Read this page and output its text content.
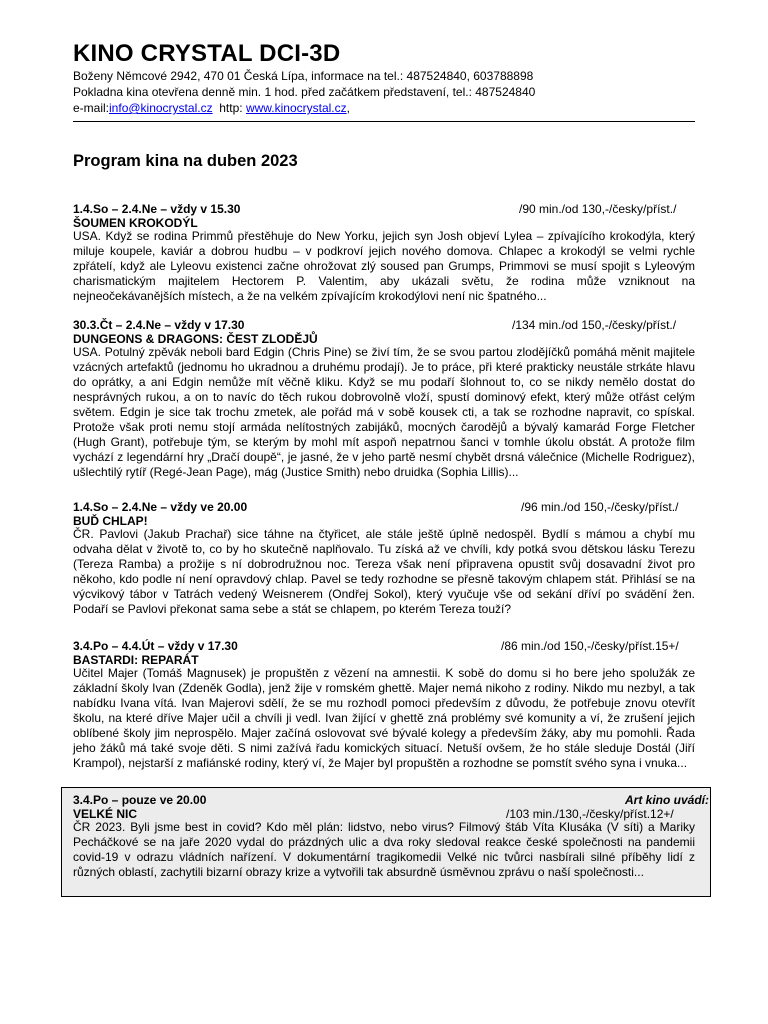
KINO CRYSTAL DCI-3D
Boženy Němcové 2942, 470 01 Česká Lípa, informace na tel.: 487524840, 603788898
Pokladna kina otevřena denně min. 1 hod. před začátkem představení, tel.: 487524840
e-mail:info@kinocrystal.cz http: www.kinocrystal.cz,
Program kina na duben 2023
1.4.So – 2.4.Ne – vždy v 15.30	/90 min./od 130,-/česky/příst./
ŠOUMEN KROKODÝL

USA. Když se rodina Primmů přestěhuje do New Yorku, jejich syn Josh objeví Lylea – zpívajícího krokodýla, který miluje koupele, kaviár a dobrou hudbu – v podkroví jejich nového domova. Chlapec a krokodýl se velmi rychle zpřátelí, když ale Lyleovu existenci začne ohrožovat zlý soused pan Grumps, Primmovi se musí spojit s Lyleovým charismatickým majitelem Hectorem P. Valentim, aby ukázali světu, že rodina může vzniknout na nejneočekávanějších místech, a že na velkém zpívajícím krokodýlovi není nic špatného...

30.3.Čt – 2.4.Ne – vždy v 17.30	/134 min./od 150,-/česky/příst./
DUNGEONS & DRAGONS: ČEST ZLODĚJŮ

USA. Potulný zpěvák neboli bard Edgin (Chris Pine) se živí tím, že se svou partou zlodějíčků pomáhá měnit majitele vzácných artefaktů (jednomu ho ukradnou a druhému prodají). Je to práce, při které prakticky neustále strkáte hlavu do oprátky, a ani Edgin nemůže mít věčně kliku. Když se mu podaří šlohnout to, co se nikdy nemělo dostat do nesprávných rukou, a on to navíc do těch rukou dobrovolně vloží, spustí dominový efekt, který může otřást celým světem. Edgin je sice tak trochu zmetek, ale pořád má v sobě kousek cti, a tak se rozhodne napravit, co spískal. Protože však proti nemu stojí armáda nelítostných zabijáků, mocných čarodějů a bývalý kamarád Forge Fletcher (Hugh Grant), potřebuje tým, se kterým by mohl mít aspoň nepatrnou šanci v tomhle úkolu obstát. A protože film vychází z legendární hry „Dračí doupě“, je jasné, že v jeho partě nesmí chybět drsná válečnice (Michelle Rodriguez), ušlechtilý rytíř (Regé-Jean Page), mág (Justice Smith) nebo druidka (Sophia Lillis)...

1.4.So – 2.4.Ne – vždy ve 20.00	/96 min./od 150,-/česky/příst./
BUĎ CHLAP!

ČR. Pavlovi (Jakub Prachař) sice táhne na čtyřicet, ale stále ještě úplně nedospěl. Bydlí s mámou a chybí mu odvaha dělat v životě to, co by ho skutečně naplňovalo. Tu získá až ve chvíli, kdy potká svou dětskou lásku Terezu (Tereza Ramba) a prožije s ní dobrodružnou noc. Tereza však není připravena opustit svůj dosavadní život pro někoho, kdo podle ní není opravdový chlap. Pavel se tedy rozhodne se přesně takovým chlapem stát. Přihlásí se na výcvikový tábor v Tatrách vedený Weisnerem (Ondřej Sokol), který vyučuje vše od sekání dříví po svádění žen. Podaří se Pavlovi překonat sama sebe a stát se chlapem, po kterém Tereza touží?

3.4.Po – 4.4.Út – vždy v 17.30	/86 min./od 150,-/česky/příst.15+/
BASTARDI: REPARÁT

Učitel Majer (Tomáš Magnusek) je propuštěn z vězení na amnestii. K sobě do domu si ho bere jeho spolužák ze základní školy Ivan (Zdeněk Godla), jenž žije v romském ghettě. Majer nemá nikoho z rodiny. Nikdo mu nezbyl, a tak nabídku Ivana vítá. Ivan Majerovi sdělí, že se mu rozhodl pomoci především z důvodu, že potřebuje znovu otevřít školu, na které dříve Majer učil a chvíli ji vedl. Ivan žijící v ghettě zná problémy své komunity a ví, že zrušení jejich oblíbené školy jim neprospělo. Majer začíná oslovovat své bývalé kolegy a především žáky, aby mu pomohli. Řada jeho žáků má také svoje děti. S nimi zažívá řadu komických situací. Netuší ovšem, že ho stále sleduje Dostál (Jiří Krampol), nejstarší z mafiánské rodiny, který ví, že Majer byl propuštěn a rozhodne se pomstít svého syna i vnuka...

3.4.Po – pouze ve 20.00	Art kino uvádí:
VELKÉ NIC	/103 min./130,-/česky/příst.12+/

ČR 2023. Byli jsme best in covid? Kdo měl plán: lidstvo, nebo virus? Filmový štáb Víta Klusáka (V síti) a Mariky Pecháčkové se na jaře 2020 vydal do prázdných ulic a dva roky sledoval reakce české společnosti na pandemii covid-19 v odrazu vládních nařízení. V dokumentární tragikomedii Velké nic tvůrci nasbírali silné příběhy lidí z různých oblastí, zachytili bizarní obrazy krize a vytvořili tak absurdně úsměvnou zprávu o naší společnosti...
